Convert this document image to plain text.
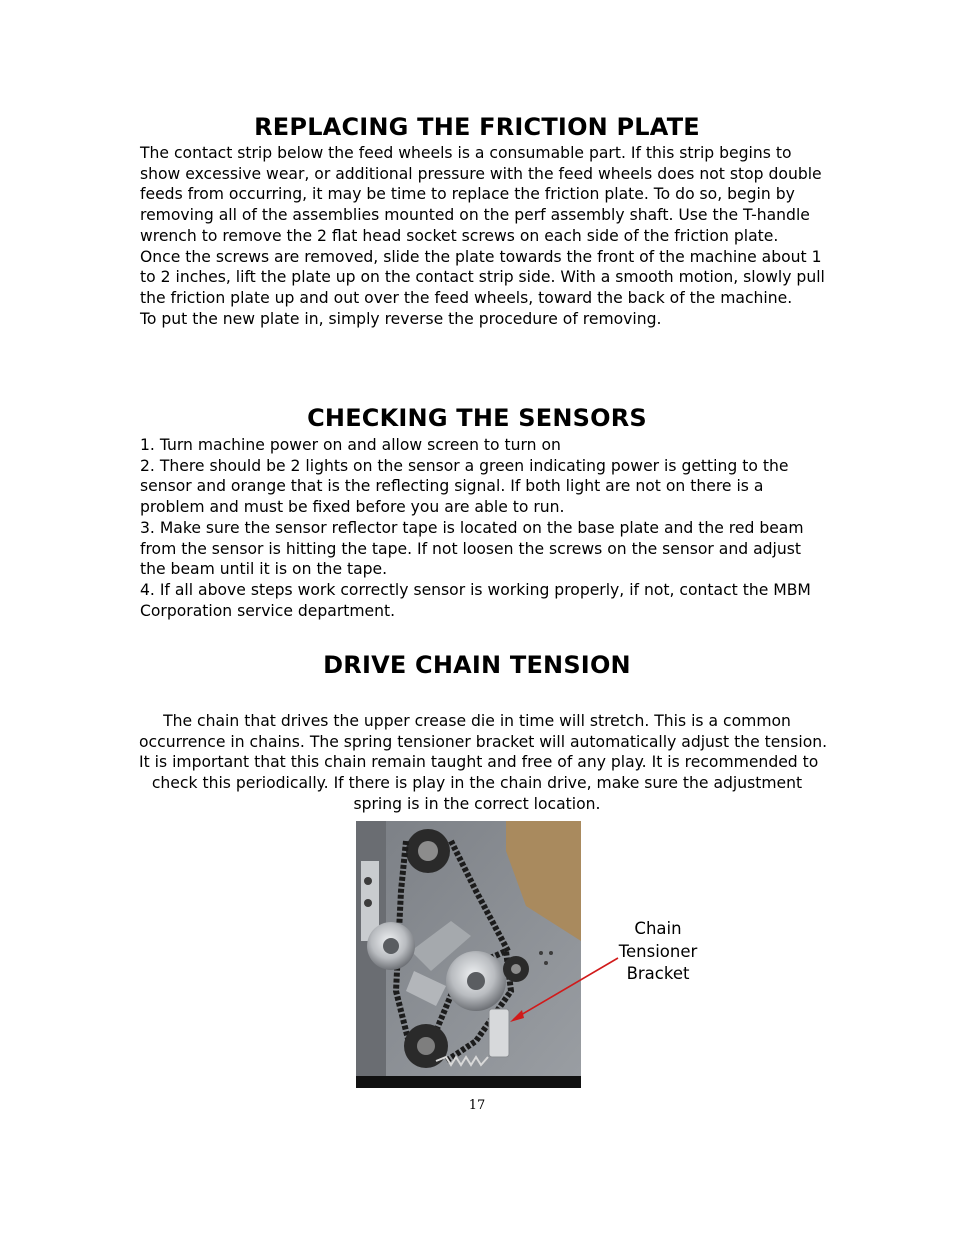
REPLACING THE FRICTION PLATE
The contact strip below the feed wheels is a consumable part. If this strip begins to
show excessive wear, or additional pressure with the feed wheels does not stop double
feeds from occurring, it may be time to replace the friction plate. To do so, begin by
removing all of the assemblies mounted on the perf assembly shaft. Use the T-handle
wrench to remove the 2 flat head socket screws on each side of the friction plate.
Once the screws are removed, slide the plate towards the front of the machine about 1
to 2 inches, lift the plate up on the contact strip side. With a smooth motion, slowly pull
the friction plate up and out over the feed wheels, toward the back of the machine.
To put the new plate in, simply reverse the procedure of removing.
CHECKING THE SENSORS
1. Turn machine power on and allow screen to turn on
2. There should be 2 lights on the sensor a green indicating power is getting to the
sensor and orange that is the reflecting signal. If both light are not on there is a
problem and must be fixed before you are able to run.
3. Make sure the sensor reflector tape is located on the base plate and the red beam
from the sensor is hitting the tape. If not loosen the screws on the sensor and adjust
the beam until it is on the tape.
4. If all above steps work correctly sensor is working properly, if not, contact the MBM
Corporation service department.
DRIVE CHAIN TENSION
The chain that drives the upper crease die in time will stretch. This is a common
occurrence in chains. The spring tensioner bracket will automatically adjust the tension.
It is important that this chain remain taught and free of any play. It is recommended to
check this periodically. If there is play in the chain drive, make sure the adjustment
spring is in the correct location.
Chain
Tensioner
Bracket
17
